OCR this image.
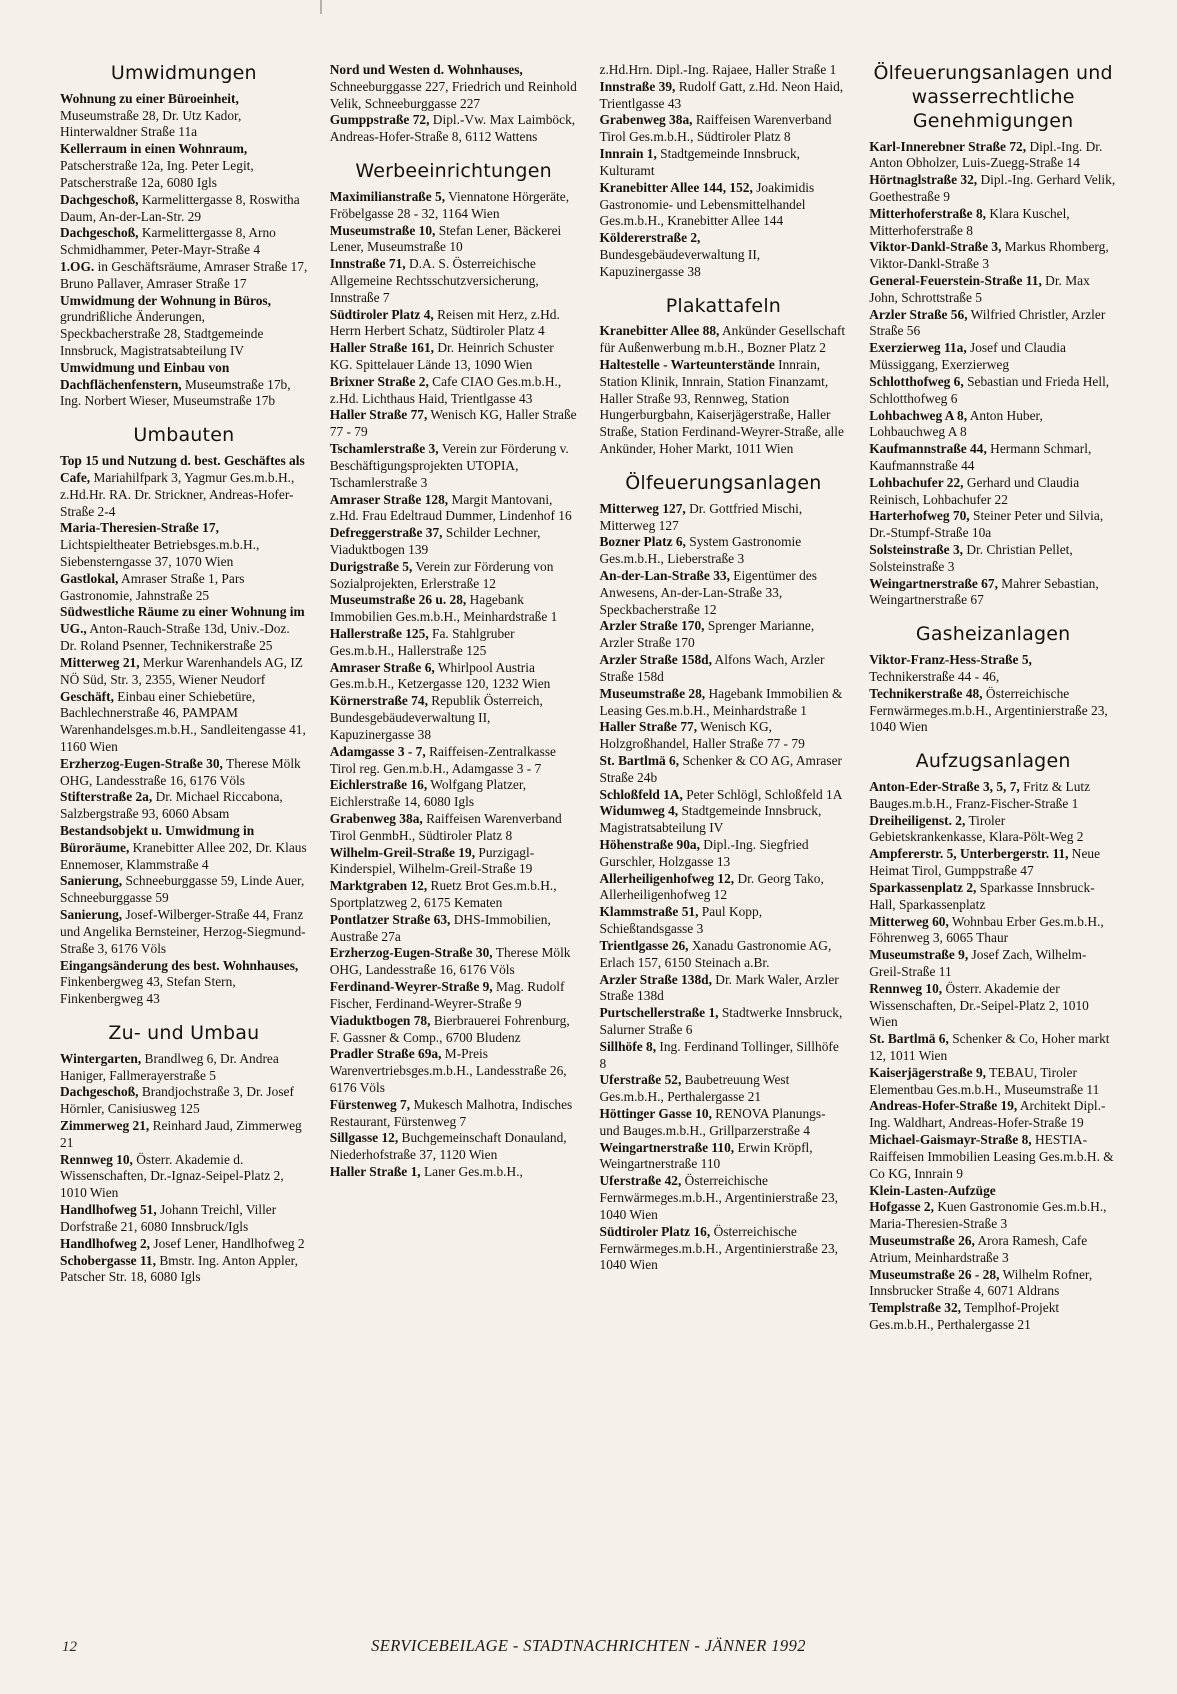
Umwidmungen

Wohnung zu einer Büroeinheit, Museumstraße 28, Dr. Utz Kador, Hinterwaldner Straße 11a

Kellerraum in einen Wohnraum, Patscherstraße 12a, Ing. Peter Legit, Patscherstraße 12a, 6080 Igls

Dachgeschoß, Karmelittergasse 8, Roswitha Daum, An-der-Lan-Str. 29

Dachgeschoß, Karmelittergasse 8, Arno Schmidhammer, Peter-Mayr-Straße 4

1.OG. in Geschäftsräume, Amraser Straße 17, Bruno Pallaver, Amraser Straße 17

Umwidmung der Wohnung in Büros, grundrißliche Änderungen, Speckbacherstraße 28, Stadtgemeinde Innsbruck, Magistratsabteilung IV

Umwidmung und Einbau von Dachflächenfenstern, Museumstraße 17b, Ing. Norbert Wieser, Museumstraße 17b

Umbauten

Top 15 und Nutzung d. best. Geschäftes als Cafe, Mariahilfpark 3, Yagmur Ges.m.b.H., z.Hd.Hr. RA. Dr. Strickner, Andreas-Hofer-Straße 2-4

Maria-Theresien-Straße 17, Lichtspieltheater Betriebsges.m.b.H., Siebensterngasse 37, 1070 Wien

Gastlokal, Amraser Straße 1, Pars Gastronomie, Jahnstraße 25

Südwestliche Räume zu einer Wohnung im UG., Anton-Rauch-Straße 13d, Univ.-Doz. Dr. Roland Psenner, Technikerstraße 25

Mitterweg 21, Merkur Warenhandels AG, IZ NÖ Süd, Str. 3, 2355, Wiener Neudorf

Geschäft, Einbau einer Schiebetüre, Bachlechnerstraße 46, PAMPAM Warenhandelsges.m.b.H., Sandleitengasse 41, 1160 Wien

Erzherzog-Eugen-Straße 30, Therese Mölk OHG, Landesstraße 16, 6176 Völs

Stifterstraße 2a, Dr. Michael Riccabona, Salzbergstraße 93, 6060 Absam

Bestandsobjekt u. Umwidmung in Büroräume, Kranebitter Allee 202, Dr. Klaus Ennemoser, Klammstraße 4

Sanierung, Schneeburggasse 59, Linde Auer, Schneeburggasse 59

Sanierung, Josef-Wilberger-Straße 44, Franz und Angelika Bernsteiner, Herzog-Siegmund-Straße 3, 6176 Völs

Eingangsänderung des best. Wohnhauses, Finkenbergweg 43, Stefan Stern, Finkenbergweg 43

Zu- und Umbau

Wintergarten, Brandlweg 6, Dr. Andrea Haniger, Fallmerayerstraße 5

Dachgeschoß, Brandjochstraße 3, Dr. Josef Hörnler, Canisiusweg 125

Zimmerweg 21, Reinhard Jaud, Zimmerweg 21

Rennweg 10, Österr. Akademie d. Wissenschaften, Dr.-Ignaz-Seipel-Platz 2, 1010 Wien

Handlhofweg 51, Johann Treichl, Viller Dorfstraße 21, 6080 Innsbruck/Igls

Handlhofweg 2, Josef Lener, Handlhofweg 2

Schobergasse 11, Bmstr. Ing. Anton Appler, Patscher Str. 18, 6080 Igls

Nord und Westen d. Wohnhauses, Schneeburggasse 227, Friedrich und Reinhold Velik, Schneeburggasse 227

Gumppstraße 72, Dipl.-Vw. Max Laimböck, Andreas-Hofer-Straße 8, 6112 Wattens

Werbeeinrichtungen

Maximilianstraße 5, Viennatone Hörgeräte, Fröbelgasse 28 - 32, 1164 Wien

Museumstraße 10, Stefan Lener, Bäckerei Lener, Museumstraße 10

Innstraße 71, D.A. S. Österreichische Allgemeine Rechtsschutzversicherung, Innstraße 7

Südtiroler Platz 4, Reisen mit Herz, z.Hd. Herrn Herbert Schatz, Südtiroler Platz 4

Haller Straße 161, Dr. Heinrich Schuster KG. Spittelauer Lände 13, 1090 Wien

Brixner Straße 2, Cafe CIAO Ges.m.b.H., z.Hd. Lichthaus Haid, Trientlgasse 43

Haller Straße 77, Wenisch KG, Haller Straße 77 - 79

Tschamlerstraße 3, Verein zur Förderung v. Beschäftigungsprojekten UTOPIA, Tschamlerstraße 3

Amraser Straße 128, Margit Mantovani, z.Hd. Frau Edeltraud Dummer, Lindenhof 16

Defreggerstraße 37, Schilder Lechner, Viaduktbogen 139

Durigstraße 5, Verein zur Förderung von Sozialprojekten, Erlerstraße 12

Museumstraße 26 u. 28, Hagebank Immobilien Ges.m.b.H., Meinhardstraße 1

Hallerstraße 125, Fa. Stahlgruber Ges.m.b.H., Hallerstraße 125

Amraser Straße 6, Whirlpool Austria Ges.m.b.H., Ketzergasse 120, 1232 Wien

Körnerstraße 74, Republik Österreich, Bundesgebäudeverwaltung II, Kapuzinergasse 38

Adamgasse 3 - 7, Raiffeisen-Zentralkasse Tirol reg. Gen.m.b.H., Adamgasse 3 - 7

Eichlerstraße 16, Wolfgang Platzer, Eichlerstraße 14, 6080 Igls

Grabenweg 38a, Raiffeisen Warenverband Tirol GenmbH., Südtiroler Platz 8

Wilhelm-Greil-Straße 19, Purzigagl-Kinderspiel, Wilhelm-Greil-Straße 19

Marktgraben 12, Ruetz Brot Ges.m.b.H., Sportplatzweg 2, 6175 Kematen

Pontlatzer Straße 63, DHS-Immobilien, Austraße 27a

Erzherzog-Eugen-Straße 30, Therese Mölk OHG, Landesstraße 16, 6176 Völs

Ferdinand-Weyrer-Straße 9, Mag. Rudolf Fischer, Ferdinand-Weyrer-Straße 9

Viaduktbogen 78, Bierbrauerei Fohrenburg, F. Gassner & Comp., 6700 Bludenz

Pradler Straße 69a, M-Preis Warenvertriebsges.m.b.H., Landesstraße 26, 6176 Völs

Fürstenweg 7, Mukesch Malhotra, Indisches Restaurant, Fürstenweg 7

Sillgasse 12, Buchgemeinschaft Donauland, Niederhofstraße 37, 1120 Wien

Haller Straße 1, Laner Ges.m.b.H.,

z.Hd.Hrn. Dipl.-Ing. Rajaee, Haller Straße 1

Innstraße 39, Rudolf Gatt, z.Hd. Neon Haid, Trientlgasse 43

Grabenweg 38a, Raiffeisen Warenverband Tirol Ges.m.b.H., Südtiroler Platz 8

Innrain 1, Stadtgemeinde Innsbruck, Kulturamt

Kranebitter Allee 144, 152, Joakimidis Gastronomie- und Lebensmittelhandel Ges.m.b.H., Kranebitter Allee 144

Köldererstraße 2, Bundesgebäudeverwaltung II, Kapuzinergasse 38

Plakattafeln

Kranebitter Allee 88, Ankünder Gesellschaft für Außenwerbung m.b.H., Bozner Platz 2

Haltestelle - Warteunterstände Innrain, Station Klinik, Innrain, Station Finanzamt, Haller Straße 93, Rennweg, Station Hungerburgbahn, Kaiserjägerstraße, Haller Straße, Station Ferdinand-Weyrer-Straße, alle Ankünder, Hoher Markt, 1011 Wien

Ölfeuerungsanlagen

Mitterweg 127, Dr. Gottfried Mischi, Mitterweg 127

Bozner Platz 6, System Gastronomie Ges.m.b.H., Lieberstraße 3

An-der-Lan-Straße 33, Eigentümer des Anwesens, An-der-Lan-Straße 33, Speckbacherstraße 12

Arzler Straße 170, Sprenger Marianne, Arzler Straße 170

Arzler Straße 158d, Alfons Wach, Arzler Straße 158d

Museumstraße 28, Hagebank Immobilien & Leasing Ges.m.b.H., Meinhardstraße 1

Haller Straße 77, Wenisch KG, Holzgroßhandel, Haller Straße 77 - 79

St. Bartlmä 6, Schenker & CO AG, Amraser Straße 24b

Schloßfeld 1A, Peter Schlögl, Schloßfeld 1A

Widumweg 4, Stadtgemeinde Innsbruck, Magistratsabteilung IV

Höhenstraße 90a, Dipl.-Ing. Siegfried Gurschler, Holzgasse 13

Allerheiligenhofweg 12, Dr. Georg Tako, Allerheiligenhofweg 12

Klammstraße 51, Paul Kopp, Schießtandsgasse 3

Trientlgasse 26, Xanadu Gastronomie AG, Erlach 157, 6150 Steinach a.Br.

Arzler Straße 138d, Dr. Mark Waler, Arzler Straße 138d

Purtschellerstraße 1, Stadtwerke Innsbruck, Salurner Straße 6

Sillhöfe 8, Ing. Ferdinand Tollinger, Sillhöfe 8

Uferstraße 52, Baubetreuung West Ges.m.b.H., Perthalergasse 21

Höttinger Gasse 10, RENOVA Planungs- und Bauges.m.b.H., Grillparzerstraße 4

Weingartnerstraße 110, Erwin Kröpfl, Weingartnerstraße 110

Uferstraße 42, Österreichische Fernwärmeges.m.b.H., Argentinierstraße 23, 1040 Wien

Südtiroler Platz 16, Österreichische Fernwärmeges.m.b.H., Argentinierstraße 23, 1040 Wien

Ölfeuerungsanlagen und wasserrechtliche Genehmigungen

Karl-Innerebner Straße 72, Dipl.-Ing. Dr. Anton Obholzer, Luis-Zuegg-Straße 14

Hörtnaglstraße 32, Dipl.-Ing. Gerhard Velik, Goethestraße 9

Mitterhoferstraße 8, Klara Kuschel, Mitterhoferstraße 8

Viktor-Dankl-Straße 3, Markus Rhomberg, Viktor-Dankl-Straße 3

General-Feuerstein-Straße 11, Dr. Max John, Schrottstraße 5

Arzler Straße 56, Wilfried Christler, Arzler Straße 56

Exerzierweg 11a, Josef und Claudia Müssiggang, Exerzierweg

Schlotthofweg 6, Sebastian und Frieda Hell, Schlotthofweg 6

Lohbachweg A 8, Anton Huber, Lohbauchweg A 8

Kaufmannstraße 44, Hermann Schmarl, Kaufmannstraße 44

Lohbachufer 22, Gerhard und Claudia Reinisch, Lohbachufer 22

Harterhofweg 70, Steiner Peter und Silvia, Dr.-Stumpf-Straße 10a

Solsteinstraße 3, Dr. Christian Pellet, Solsteinstraße 3

Weingartnerstraße 67, Mahrer Sebastian, Weingartnerstraße 67

Gasheizanlagen

Viktor-Franz-Hess-Straße 5, Technikerstraße 44 - 46,

Technikerstraße 48, Österreichische Fernwärmeges.m.b.H., Argentinierstraße 23, 1040 Wien

Aufzugsanlagen

Anton-Eder-Straße 3, 5, 7, Fritz & Lutz Bauges.m.b.H., Franz-Fischer-Straße 1

Dreiheiligenst. 2, Tiroler Gebietskrankenkasse, Klara-Pölt-Weg 2

Ampfererstr. 5, Unterbergerstr. 11, Neue Heimat Tirol, Gumppstraße 47

Sparkassenplatz 2, Sparkasse Innsbruck-Hall, Sparkassenplatz

Mitterweg 60, Wohnbau Erber Ges.m.b.H., Föhrenweg 3, 6065 Thaur

Museumstraße 9, Josef Zach, Wilhelm-Greil-Straße 11

Rennweg 10, Österr. Akademie der Wissenschaften, Dr.-Seipel-Platz 2, 1010 Wien

St. Bartlmä 6, Schenker & Co, Hoher markt 12, 1011 Wien

Kaiserjägerstraße 9, TEBAU, Tiroler Elementbau Ges.m.b.H., Museumstraße 11

Andreas-Hofer-Straße 19, Architekt Dipl.-Ing. Waldhart, Andreas-Hofer-Straße 19

Michael-Gaismayr-Straße 8, HESTIA-Raiffeisen Immobilien Leasing Ges.m.b.H. & Co KG, Innrain 9

Klein-Lasten-Aufzüge

Hofgasse 2, Kuen Gastronomie Ges.m.b.H., Maria-Theresien-Straße 3

Museumstraße 26, Arora Ramesh, Cafe Atrium, Meinhardstraße 3

Museumstraße 26 - 28, Wilhelm Rofner, Innsbrucker Straße 4, 6071 Aldrans

Templstraße 32, Templhof-Projekt Ges.m.b.H., Perthalergasse 21

12	SERVICEBEILAGE - STADTNACHRICHTEN - JÄNNER 1992
